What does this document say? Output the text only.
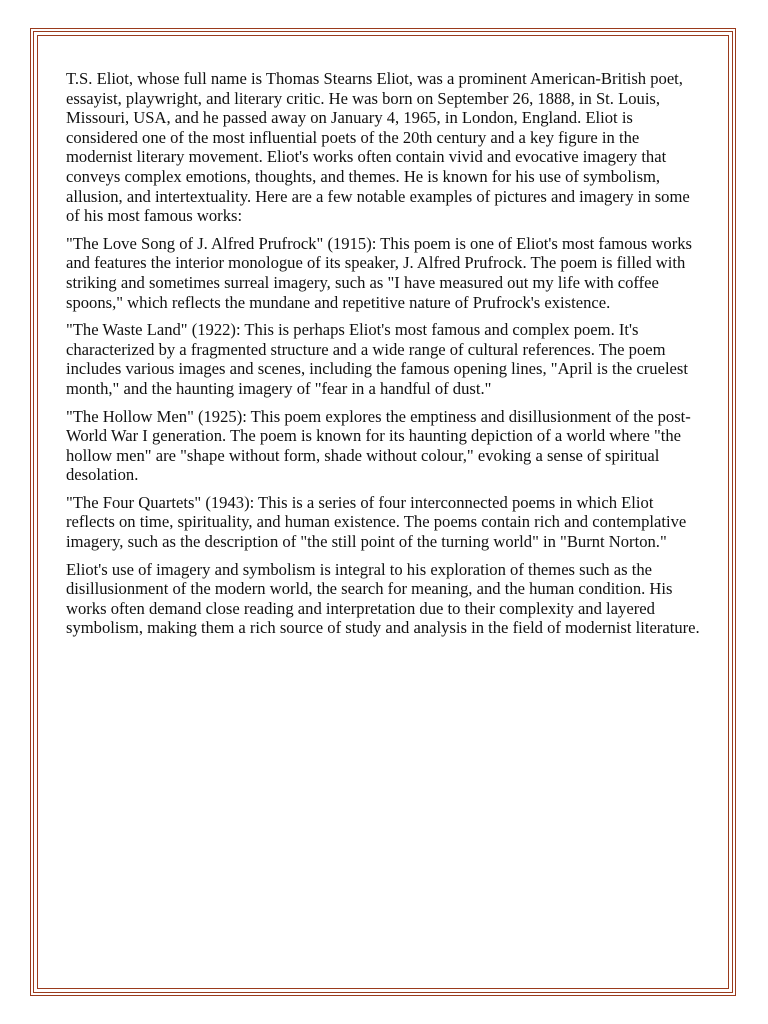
T.S. Eliot, whose full name is Thomas Stearns Eliot, was a prominent American-British poet, essayist, playwright, and literary critic. He was born on September 26, 1888, in St. Louis, Missouri, USA, and he passed away on January 4, 1965, in London, England. Eliot is considered one of the most influential poets of the 20th century and a key figure in the modernist literary movement. Eliot's works often contain vivid and evocative imagery that conveys complex emotions, thoughts, and themes. He is known for his use of symbolism, allusion, and intertextuality. Here are a few notable examples of pictures and imagery in some of his most famous works:

"The Love Song of J. Alfred Prufrock" (1915): This poem is one of Eliot's most famous works and features the interior monologue of its speaker, J. Alfred Prufrock. The poem is filled with striking and sometimes surreal imagery, such as "I have measured out my life with coffee spoons," which reflects the mundane and repetitive nature of Prufrock's existence.

"The Waste Land" (1922): This is perhaps Eliot's most famous and complex poem. It's characterized by a fragmented structure and a wide range of cultural references. The poem includes various images and scenes, including the famous opening lines, "April is the cruelest month," and the haunting imagery of "fear in a handful of dust."

"The Hollow Men" (1925): This poem explores the emptiness and disillusionment of the post-World War I generation. The poem is known for its haunting depiction of a world where "the hollow men" are "shape without form, shade without colour," evoking a sense of spiritual desolation.

"The Four Quartets" (1943): This is a series of four interconnected poems in which Eliot reflects on time, spirituality, and human existence. The poems contain rich and contemplative imagery, such as the description of "the still point of the turning world" in "Burnt Norton."

Eliot's use of imagery and symbolism is integral to his exploration of themes such as the disillusionment of the modern world, the search for meaning, and the human condition. His works often demand close reading and interpretation due to their complexity and layered symbolism, making them a rich source of study and analysis in the field of modernist literature.
